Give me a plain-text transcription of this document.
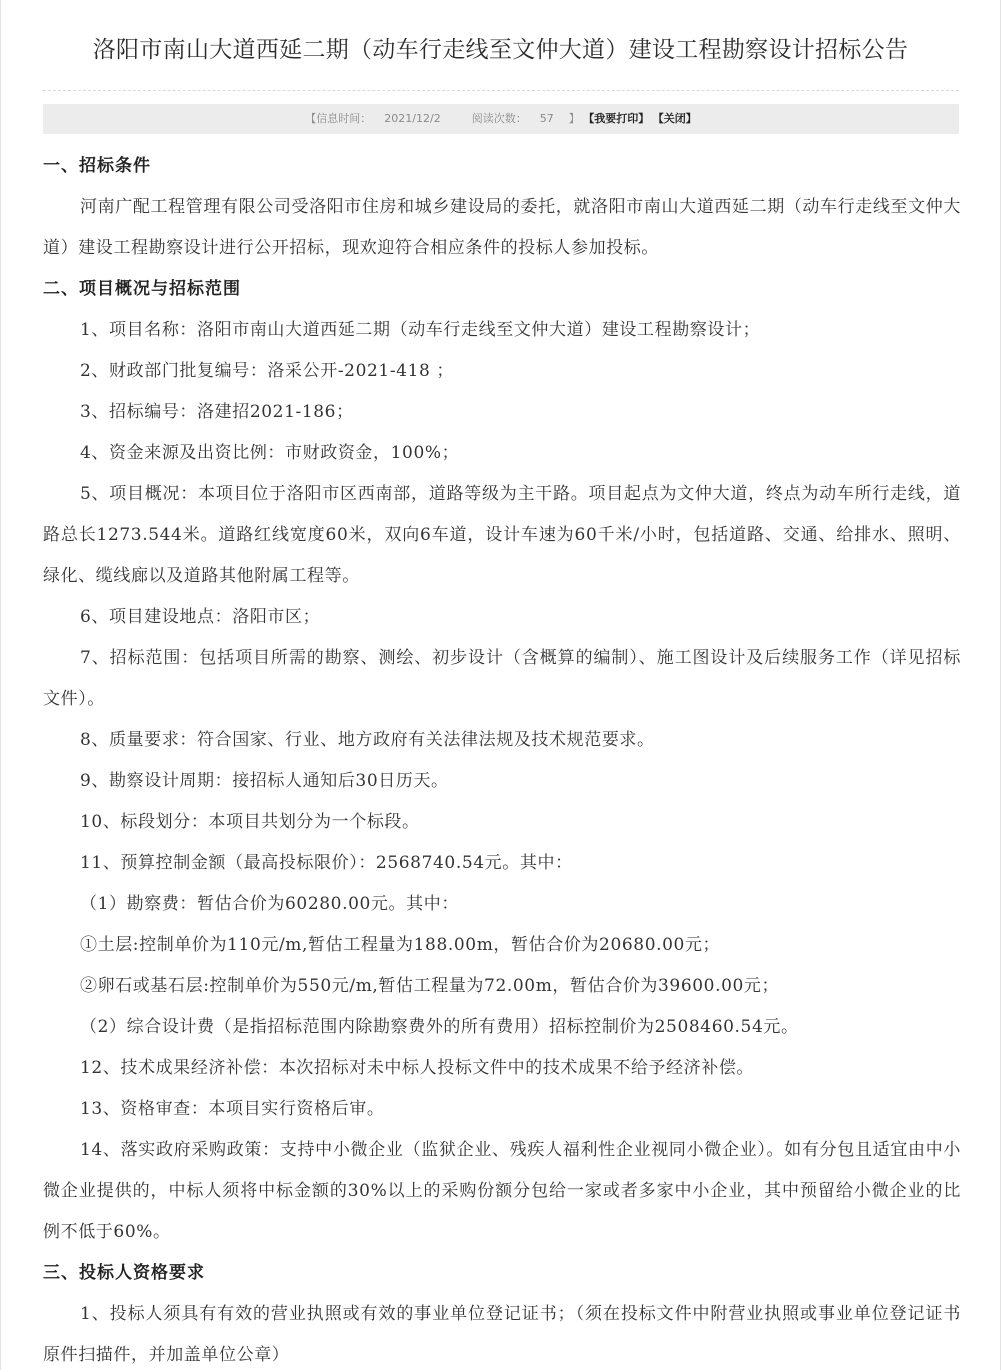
洛阳市南山大道西延二期（动车行走线至文仲大道）建设工程勘察设计招标公告
【信息时间： 2021/12/2	阅读次数： 57 】 【我要打印】 【关闭】
一、招标条件
河南广配工程管理有限公司受洛阳市住房和城乡建设局的委托，就洛阳市南山大道西延二期（动车行走线至文仲大道）建设工程勘察设计进行公开招标，现欢迎符合相应条件的投标人参加投标。
二、项目概况与招标范围
1、项目名称：洛阳市南山大道西延二期（动车行走线至文仲大道）建设工程勘察设计；
2、财政部门批复编号：洛采公开-2021-418 ；
3、招标编号：洛建招2021-186；
4、资金来源及出资比例：市财政资金，100%；
5、项目概况：本项目位于洛阳市区西南部，道路等级为主干路。项目起点为文仲大道，终点为动车所行走线，道路总长1273.544米。道路红线宽度60米，双向6车道，设计车速为60千米/小时，包括道路、交通、给排水、照明、绿化、缆线廊以及道路其他附属工程等。
6、项目建设地点：洛阳市区；
7、招标范围：包括项目所需的勘察、测绘、初步设计（含概算的编制）、施工图设计及后续服务工作（详见招标文件）。
8、质量要求：符合国家、行业、地方政府有关法律法规及技术规范要求。
9、勘察设计周期：接招标人通知后30日历天。
10、标段划分：本项目共划分为一个标段。
11、预算控制金额（最高投标限价）：2568740.54元。其中：
（1）勘察费：暂估合价为60280.00元。其中：
①土层:控制单价为110元/m,暂估工程量为188.00m，暂估合价为20680.00元；
②卵石或基石层:控制单价为550元/m,暂估工程量为72.00m，暂估合价为39600.00元；
（2）综合设计费（是指招标范围内除勘察费外的所有费用）招标控制价为2508460.54元。
12、技术成果经济补偿：本次招标对未中标人投标文件中的技术成果不给予经济补偿。
13、资格审查：本项目实行资格后审。
14、落实政府采购政策：支持中小微企业（监狱企业、残疾人福利性企业视同小微企业）。如有分包且适宜由中小微企业提供的，中标人须将中标金额的30%以上的采购份额分包给一家或者多家中小企业，其中预留给小微企业的比例不低于60%。
三、投标人资格要求
1、投标人须具有有效的营业执照或有效的事业单位登记证书；（须在投标文件中附营业执照或事业单位登记证书原件扫描件，并加盖单位公章）
